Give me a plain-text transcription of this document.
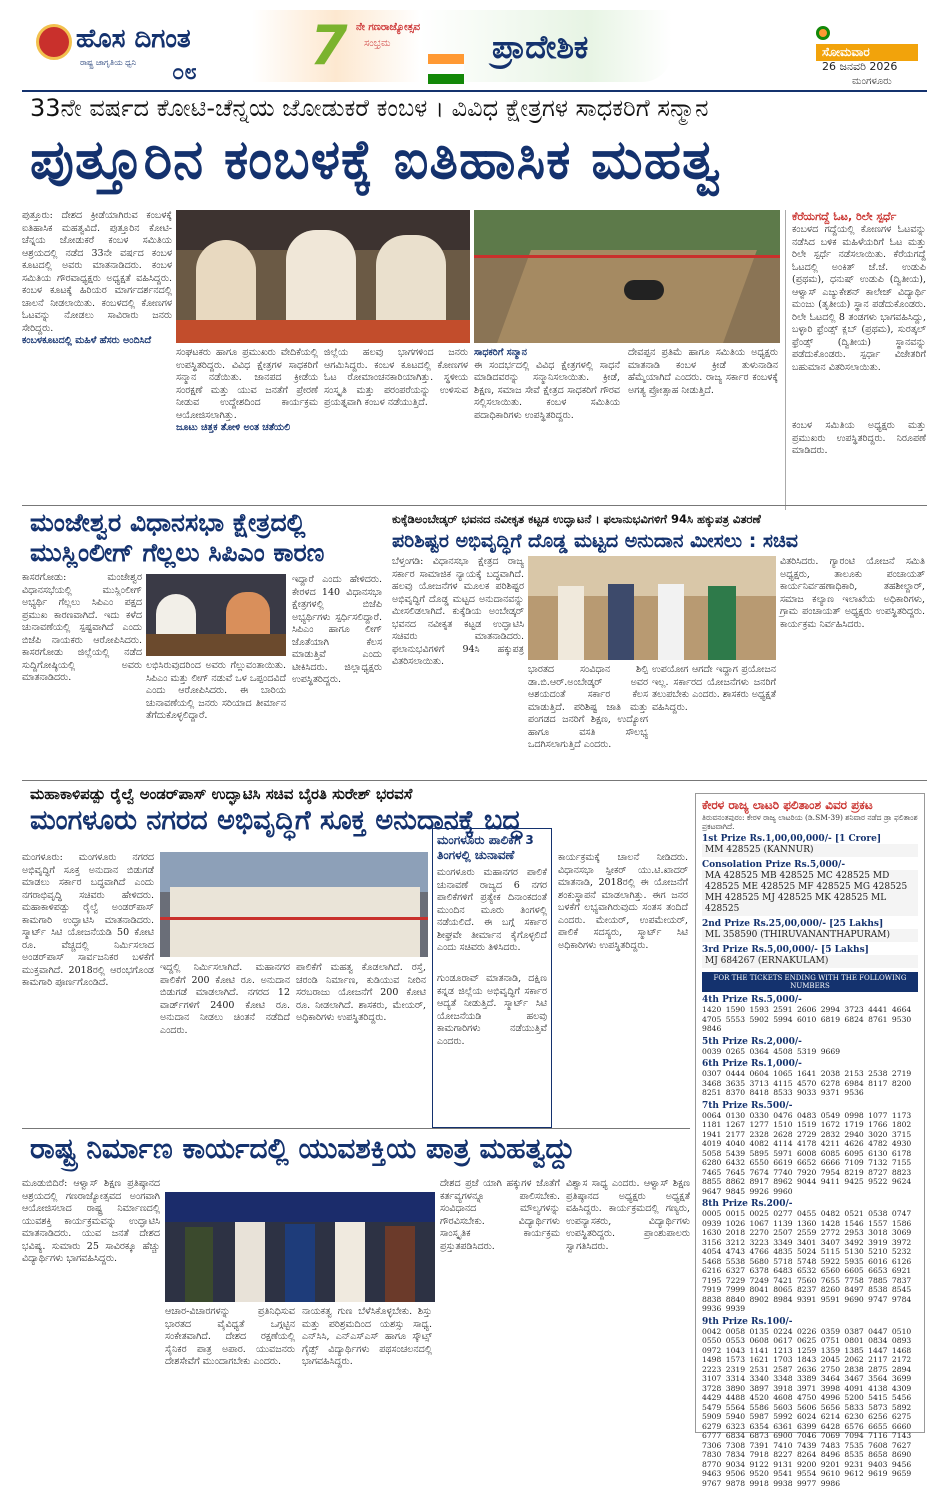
ಹೊಸ ದಿಗಂತ
ರಾಷ್ಟ್ರ ಜಾಗೃತಿಯ ಧ್ವನಿ ೦೮ 7 ನೇ ಗಣರಾಜ್ಯೋತ್ಸವ
ಸಂಭ್ರಮ	ಪ್ರಾದೇಶಿಕ	ಸೋಮವಾರ
26 ಜನವರಿ 2026
ಮಂಗಳೂರು
33ನೇ ವರ್ಷದ ಕೋಟಿ-ಚೆನ್ನಯ ಜೋಡುಕರೆ ಕಂಬಳ । ವಿವಿಧ ಕ್ಷೇತ್ರಗಳ ಸಾಧಕರಿಗೆ ಸನ್ಮಾನ
ಪುತ್ತೂರಿನ ಕಂಬಳಕ್ಕೆ ಐತಿಹಾಸಿಕ ಮಹತ್ವ
ಪುತ್ತೂರು: ದೇಶದ ಕ್ರೀಡೆಯಾಗಿರುವ ಕಂಬಳಕ್ಕೆ ಐತಿಹಾಸಿಕ ಮಹತ್ವವಿದೆ. ಪುತ್ತೂರಿನ ಕೋಟಿ-ಚೆನ್ನಯ ಜೋಡುಕರೆ ಕಂಬಳ ಸಮಿತಿಯ ಆಶ್ರಯದಲ್ಲಿ ನಡೆದ 33ನೇ ವರ್ಷದ ಕಂಬಳ ಕೂಟದಲ್ಲಿ ಅವರು ಮಾತನಾಡಿದರು. ಕಂಬಳ ಸಮಿತಿಯ ಗೌರವಾಧ್ಯಕ್ಷರು ಅಧ್ಯಕ್ಷತೆ ವಹಿಸಿದ್ದರು. ಕಂಬಳ ಕೂಟಕ್ಕೆ ಹಿರಿಯರ ಮಾರ್ಗದರ್ಶನದಲ್ಲಿ ಚಾಲನೆ ನೀಡಲಾಯಿತು. ಕಂಬಳದಲ್ಲಿ ಕೋಣಗಳ ಓಟವನ್ನು ನೋಡಲು ಸಾವಿರಾರು ಜನರು ಸೇರಿದ್ದರು.
ಕಂಬಳಕೂಟದಲ್ಲಿ ಮಹಿಳೆ ಹೆಸರು ಅಂದಿಸಿದೆ
ಸಂಘಟಕರು ಹಾಗೂ ಪ್ರಮುಖರು ವೇದಿಕೆಯಲ್ಲಿ ಉಪಸ್ಥಿತರಿದ್ದರು. ವಿವಿಧ ಕ್ಷೇತ್ರಗಳ ಸಾಧಕರಿಗೆ ಸನ್ಮಾನ ನಡೆಯಿತು. ಜಾನಪದ ಕ್ರೀಡೆಯ ಸಂರಕ್ಷಣೆ ಮತ್ತು ಯುವ ಜನತೆಗೆ ಪ್ರೇರಣೆ ನೀಡುವ ಉದ್ದೇಶದಿಂದ ಕಾರ್ಯಕ್ರಮ ಆಯೋಜಿಸಲಾಗಿತ್ತು.
ಜೂಟು ಚಿತ್ತಕ ತೋಳಿ ಅಂತ ಚತೆಯಲಿ
ಜಿಲ್ಲೆಯ ಹಲವು ಭಾಗಗಳಿಂದ ಜನರು ಆಗಮಿಸಿದ್ದರು. ಕಂಬಳ ಕೂಟದಲ್ಲಿ ಕೋಣಗಳ ಓಟ ರೋಮಾಂಚನಕಾರಿಯಾಗಿತ್ತು. ಸ್ಥಳೀಯ ಸಂಸ್ಕೃತಿ ಮತ್ತು ಪರಂಪರೆಯನ್ನು ಉಳಿಸುವ ಪ್ರಯತ್ನವಾಗಿ ಕಂಬಳ ನಡೆಯುತ್ತಿದೆ.
ಸಾಧಕರಿಗೆ ಸನ್ಮಾನ
ಈ ಸಂದರ್ಭದಲ್ಲಿ ವಿವಿಧ ಕ್ಷೇತ್ರಗಳಲ್ಲಿ ಸಾಧನೆ ಮಾಡಿದವರನ್ನು ಸನ್ಮಾನಿಸಲಾಯಿತು. ಕ್ರೀಡೆ, ಶಿಕ್ಷಣ, ಸಮಾಜ ಸೇವೆ ಕ್ಷೇತ್ರದ ಸಾಧಕರಿಗೆ ಗೌರವ ಸಲ್ಲಿಸಲಾಯಿತು. ಕಂಬಳ ಸಮಿತಿಯ ಪದಾಧಿಕಾರಿಗಳು ಉಪಸ್ಥಿತರಿದ್ದರು.
ದೇವಪ್ಪನ ಪ್ರತಿಮೆ ಹಾಗೂ ಸಮಿತಿಯ ಅಧ್ಯಕ್ಷರು ಮಾತನಾಡಿ ಕಂಬಳ ಕ್ರೀಡೆ ತುಳುನಾಡಿನ ಹೆಮ್ಮೆಯಾಗಿದೆ ಎಂದರು. ರಾಜ್ಯ ಸರ್ಕಾರ ಕಂಬಳಕ್ಕೆ ಅಗತ್ಯ ಪ್ರೋತ್ಸಾಹ ನೀಡುತ್ತಿದೆ.
ಕೆರೆಯಗದ್ದೆ ಓಟ, ರಿಲೇ ಸ್ಪರ್ಧೆ
ಕಂಬಳದ ಗದ್ದೆಯಲ್ಲಿ ಕೋಣಗಳ ಓಟವನ್ನು ನಡೆಸಿದ ಬಳಿಕ ಮಹಿಳೆಯರಿಗೆ ಓಟ ಮತ್ತು ರಿಲೇ ಸ್ಪರ್ಧೆ ನಡೆಸಲಾಯಿತು. ಕೆರೆಯಗದ್ದೆ ಓಟದಲ್ಲಿ ಅಂಕಿತ್ ಜೆ.ಜೆ. ಉಡುಪಿ (ಪ್ರಥಮ), ಧನುಷ್ ಉಡುಪಿ (ದ್ವಿತೀಯ), ಆಳ್ವಾಸ್ ಎಜ್ಯುಕೇಶನ್ ಕಾಲೇಜ್ ವಿದ್ಯಾರ್ಥಿ ಮಂಜು (ತೃತೀಯ) ಸ್ಥಾನ ಪಡೆದುಕೊಂಡರು. ರಿಲೇ ಓಟದಲ್ಲಿ 8 ತಂಡಗಳು ಭಾಗವಹಿಸಿದ್ದು, ಬಳ್ಳಾರಿ ಫ್ರೆಂಡ್ಸ್ ಕ್ಲಬ್ (ಪ್ರಥಮ), ಸುರತ್ಕಲ್ ಫ್ರೆಂಡ್ಸ್ (ದ್ವಿತೀಯ) ಸ್ಥಾನವನ್ನು ಪಡೆದುಕೊಂಡರು. ಸ್ಪರ್ಧಾ ವಿಜೇತರಿಗೆ ಬಹುಮಾನ ವಿತರಿಸಲಾಯಿತು.
ಕಂಬಳ ಸಮಿತಿಯ ಅಧ್ಯಕ್ಷರು ಮತ್ತು ಪ್ರಮುಖರು ಉಪಸ್ಥಿತರಿದ್ದರು. ನಿರೂಪಣೆ ಮಾಡಿದರು.
ಮಂಜೇಶ್ವರ ವಿಧಾನಸಭಾ ಕ್ಷೇತ್ರದಲ್ಲಿ
ಮುಸ್ಲಿಂಲೀಗ್ ಗೆಲ್ಲಲು ಸಿಪಿಎಂ ಕಾರಣ
ಕಾಸರಗೋಡು: ಮಂಜೇಶ್ವರ ವಿಧಾನಸಭೆಯಲ್ಲಿ ಮುಸ್ಲಿಂಲೀಗ್ ಅಭ್ಯರ್ಥಿ ಗೆಲ್ಲಲು ಸಿಪಿಎಂ ಪಕ್ಷದ ಪ್ರಮುಖ ಕಾರಣವಾಗಿದೆ. ಇದು ಕಳೆದ ಚುನಾವಣೆಯಲ್ಲಿ ಸ್ಪಷ್ಟವಾಗಿದೆ ಎಂದು ಬಿಜೆಪಿ ನಾಯಕರು ಆರೋಪಿಸಿದರು. ಕಾಸರಗೋಡು ಜಿಲ್ಲೆಯಲ್ಲಿ ನಡೆದ ಸುದ್ದಿಗೋಷ್ಠಿಯಲ್ಲಿ ಅವರು ಮಾತನಾಡಿದರು.
ಲಭಿಸಿರುವುದರಿಂದ ಅವರು ಗೆಲ್ಲುವಂತಾಯಿತು. ಸಿಪಿಎಂ ಮತ್ತು ಲೀಗ್ ನಡುವೆ ಒಳ ಒಪ್ಪಂದವಿದೆ ಎಂದು ಆರೋಪಿಸಿದರು. ಈ ಬಾರಿಯ ಚುನಾವಣೆಯಲ್ಲಿ ಜನರು ಸರಿಯಾದ ತೀರ್ಮಾನ ತೆಗೆದುಕೊಳ್ಳಲಿದ್ದಾರೆ.
ಇದ್ದಾರೆ ಎಂದು ಹೇಳಿದರು. ಕೇರಳದ 140 ವಿಧಾನಸಭಾ ಕ್ಷೇತ್ರಗಳಲ್ಲಿ ಬಿಜೆಪಿ ಅಭ್ಯರ್ಥಿಗಳು ಸ್ಪರ್ಧಿಸಲಿದ್ದಾರೆ. ಸಿಪಿಎಂ ಹಾಗೂ ಲೀಗ್ ಜೊತೆಯಾಗಿ ಕೆಲಸ ಮಾಡುತ್ತಿವೆ ಎಂದು ಟೀಕಿಸಿದರು. ಜಿಲ್ಲಾಧ್ಯಕ್ಷರು ಉಪಸ್ಥಿತರಿದ್ದರು.
ಕುಕ್ಕೆಡಿಅಂಬೇಡ್ಕರ್ ಭವನದ ನವೀಕೃತ ಕಟ್ಟಡ ಉದ್ಘಾಟನೆ । ಫಲಾನುಭವಿಗಳಿಗೆ 94ಸಿ ಹಕ್ಕುಪತ್ರ ವಿತರಣೆ
ಪರಿಶಿಷ್ಟರ ಅಭಿವೃದ್ಧಿಗೆ ದೊಡ್ಡ ಮಟ್ಟದ ಅನುದಾನ ಮೀಸಲು : ಸಚಿವ
ಬೆಳ್ತಂಗಡಿ: ವಿಧಾನಸಭಾ ಕ್ಷೇತ್ರದ ರಾಜ್ಯ ಸರ್ಕಾರ ಸಾಮಾಜಿಕ ನ್ಯಾಯಕ್ಕೆ ಬದ್ಧವಾಗಿದೆ. ಹಲವು ಯೋಜನೆಗಳ ಮೂಲಕ ಪರಿಶಿಷ್ಟರ ಅಭಿವೃದ್ಧಿಗೆ ದೊಡ್ಡ ಮಟ್ಟದ ಅನುದಾನವನ್ನು ಮೀಸಲಿಡಲಾಗಿದೆ. ಕುಕ್ಕೆಡಿಯ ಅಂಬೇಡ್ಕರ್ ಭವನದ ನವೀಕೃತ ಕಟ್ಟಡ ಉದ್ಘಾಟಿಸಿ ಸಚಿವರು ಮಾತನಾಡಿದರು. ಫಲಾನುಭವಿಗಳಿಗೆ 94ಸಿ ಹಕ್ಕುಪತ್ರ ವಿತರಿಸಲಾಯಿತು.
ಭಾರತದ ಸಂವಿಧಾನ ಶಿಲ್ಪಿ ಡಾ.ಬಿ.ಆರ್.ಅಂಬೇಡ್ಕರ್ ಅವರ ಆಶಯದಂತೆ ಸರ್ಕಾರ ಕೆಲಸ ಮಾಡುತ್ತಿದೆ. ಪರಿಶಿಷ್ಟ ಜಾತಿ ಮತ್ತು ಪಂಗಡದ ಜನರಿಗೆ ಶಿಕ್ಷಣ, ಉದ್ಯೋಗ ಹಾಗೂ ವಸತಿ ಸೌಲಭ್ಯ ಒದಗಿಸಲಾಗುತ್ತಿದೆ ಎಂದರು.
ಉಪಯೋಗ ಆಗದೇ ಇದ್ದಾಗ ಪ್ರಯೋಜನ ಇಲ್ಲ. ಸರ್ಕಾರದ ಯೋಜನೆಗಳು ಜನರಿಗೆ ತಲುಪಬೇಕು ಎಂದರು. ಶಾಸಕರು ಅಧ್ಯಕ್ಷತೆ ವಹಿಸಿದ್ದರು.
ವಿತರಿಸಿದರು. ಗ್ಯಾರಂಟಿ ಯೋಜನೆ ಸಮಿತಿ ಅಧ್ಯಕ್ಷರು, ತಾಲೂಕು ಪಂಚಾಯತ್ ಕಾರ್ಯನಿರ್ವಹಣಾಧಿಕಾರಿ, ತಹಶೀಲ್ದಾರ್, ಸಮಾಜ ಕಲ್ಯಾಣ ಇಲಾಖೆಯ ಅಧಿಕಾರಿಗಳು, ಗ್ರಾಮ ಪಂಚಾಯತ್ ಅಧ್ಯಕ್ಷರು ಉಪಸ್ಥಿತರಿದ್ದರು. ಕಾರ್ಯಕ್ರಮ ನಿರ್ವಹಿಸಿದರು.
ಮಹಾಕಾಳಿಪಡ್ಪು ರೈಲ್ವೆ ಅಂಡರ್‌ಪಾಸ್ ಉದ್ಘಾಟಿಸಿ ಸಚಿವ ಬೈರತಿ ಸುರೇಶ್ ಭರವಸೆ
ಮಂಗಳೂರು ನಗರದ ಅಭಿವೃದ್ಧಿಗೆ ಸೂಕ್ತ ಅನುದಾನಕ್ಕೆ ಬದ್ಧ
ಮಂಗಳೂರು: ಮಂಗಳೂರು ನಗರದ ಅಭಿವೃದ್ಧಿಗೆ ಸೂಕ್ತ ಅನುದಾನ ಬಿಡುಗಡೆ ಮಾಡಲು ಸರ್ಕಾರ ಬದ್ಧವಾಗಿದೆ ಎಂದು ನಗರಾಭಿವೃದ್ಧಿ ಸಚಿವರು ಹೇಳಿದರು. ಮಹಾಕಾಳಿಪಡ್ಪು ರೈಲ್ವೆ ಅಂಡರ್‌ಪಾಸ್ ಕಾಮಗಾರಿ ಉದ್ಘಾಟಿಸಿ ಮಾತನಾಡಿದರು. ಸ್ಮಾರ್ಟ್ ಸಿಟಿ ಯೋಜನೆಯಡಿ 50 ಕೋಟಿ ರೂ. ವೆಚ್ಚದಲ್ಲಿ ನಿರ್ಮಿಸಲಾದ ಅಂಡರ್‌ಪಾಸ್ ಸಾರ್ವಜನಿಕರ ಬಳಕೆಗೆ ಮುಕ್ತವಾಗಿದೆ. 2018ರಲ್ಲಿ ಆರಂಭಗೊಂಡ ಕಾಮಗಾರಿ ಪೂರ್ಣಗೊಂಡಿದೆ.
ಇದ್ದಲ್ಲಿ ನಿರ್ಮಿಸಲಾಗಿದೆ. ಮಹಾನಗರ ಪಾಲಿಕೆಗೆ 200 ಕೋಟಿ ರೂ. ಅನುದಾನ ಬಿಡುಗಡೆ ಮಾಡಲಾಗಿದೆ. ನಗರದ 12 ವಾರ್ಡ್‌ಗಳಿಗೆ 2400 ಕೋಟಿ ರೂ. ಅನುದಾನ ನೀಡಲು ಚಿಂತನೆ ನಡೆದಿದೆ ಎಂದರು.
ಪಾಲಿಕೆಗೆ ಮಹತ್ವ ಕೊಡಲಾಗಿದೆ. ರಸ್ತೆ, ಚರಂಡಿ ನಿರ್ಮಾಣ, ಕುಡಿಯುವ ನೀರಿನ ಸರಬರಾಜು ಯೋಜನೆಗೆ 200 ಕೋಟಿ ರೂ. ನೀಡಲಾಗಿದೆ. ಶಾಸಕರು, ಮೇಯರ್, ಅಧಿಕಾರಿಗಳು ಉಪಸ್ಥಿತರಿದ್ದರು.
ಮಂಗಳೂರು ಪಾಲಿಕೆಗೆ 3 ತಿಂಗಳಲ್ಲಿ ಚುನಾವಣೆ
ಮಂಗಳೂರು ಮಹಾನಗರ ಪಾಲಿಕೆ ಚುನಾವಣೆ ರಾಜ್ಯದ 6 ನಗರ ಪಾಲಿಕೆಗಳಿಗೆ ಪ್ರತ್ಯೇಕ ದಿನಾಂಕದಂತೆ ಮುಂದಿನ ಮೂರು ತಿಂಗಳಲ್ಲಿ ನಡೆಯಲಿದೆ. ಈ ಬಗ್ಗೆ ಸರ್ಕಾರ ಶೀಘ್ರವೇ ತೀರ್ಮಾನ ಕೈಗೊಳ್ಳಲಿದೆ ಎಂದು ಸಚಿವರು ತಿಳಿಸಿದರು.
ಗುಂಡೂರಾವ್ ಮಾತನಾಡಿ, ದಕ್ಷಿಣ ಕನ್ನಡ ಜಿಲ್ಲೆಯ ಅಭಿವೃದ್ಧಿಗೆ ಸರ್ಕಾರ ಆದ್ಯತೆ ನೀಡುತ್ತಿದೆ. ಸ್ಮಾರ್ಟ್ ಸಿಟಿ ಯೋಜನೆಯಡಿ ಹಲವು ಕಾಮಗಾರಿಗಳು ನಡೆಯುತ್ತಿವೆ ಎಂದರು.
ಕಾರ್ಯಕ್ರಮಕ್ಕೆ ಚಾಲನೆ ನೀಡಿದರು. ವಿಧಾನಸಭಾ ಸ್ಪೀಕರ್ ಯು.ಟಿ.ಖಾದರ್ ಮಾತನಾಡಿ, 2018ರಲ್ಲಿ ಈ ಯೋಜನೆಗೆ ಶಂಕುಸ್ಥಾಪನೆ ಮಾಡಲಾಗಿತ್ತು. ಈಗ ಜನರ ಬಳಕೆಗೆ ಲಭ್ಯವಾಗಿರುವುದು ಸಂತಸ ತಂದಿದೆ ಎಂದರು. ಮೇಯರ್, ಉಪಮೇಯರ್, ಪಾಲಿಕೆ ಸದಸ್ಯರು, ಸ್ಮಾರ್ಟ್ ಸಿಟಿ ಅಧಿಕಾರಿಗಳು ಉಪಸ್ಥಿತರಿದ್ದರು.
ಕೇರಳ ರಾಜ್ಯ ಲಾಟರಿ ಫಲಿತಾಂಶ ವಿವರ ಪ್ರಕಟ
ತಿರುವನಂತಪುರಂ: ಕೇರಳ ರಾಜ್ಯ ಲಾಟರಿಯ (ಡಿ.SM-39) ಶನಿವಾರ ನಡೆದ ಡ್ರಾ ಫಲಿತಾಂಶ ಪ್ರಕಟವಾಗಿದೆ.
1st Prize Rs.1,00,00,000/- [1 Crore]
MM 428525 (KANNUR)
Consolation Prize Rs.5,000/-
MA 428525 MB 428525 MC 428525 MD 428525 ME 428525 MF 428525 MG 428525 MH 428525 MJ 428525 MK 428525 ML 428525
2nd Prize Rs.25,00,000/- [25 Lakhs]
ML 358590 (THIRUVANANTHAPURAM)
3rd Prize Rs.5,00,000/- [5 Lakhs]
MJ 684267 (ERNAKULAM)
FOR THE TICKETS ENDING WITH THE FOLLOWING NUMBERS
4th Prize Rs.5,000/-
1420 1590 1593 2591 2606 2994 3723 4441 4664 4705 5553 5902 5994 6010 6819 6824 8761 9530 9846
5th Prize Rs.2,000/-
0039 0265 0364 4508 5319 9669
6th Prize Rs.1,000/-
0307 0444 0604 1065 1641 2038 2153 2538 2719 3468 3635 3713 4115 4570 6278 6984 8117 8200 8251 8370 8418 8533 9033 9371 9536
7th Prize Rs.500/-
0064 0130 0330 0476 0483 0549 0998 1077 1173 1181 1267 1277 1510 1519 1672 1719 1766 1802 1941 2177 2328 2628 2729 2832 2940 3020 3715 4019 4040 4082 4114 4178 4211 4626 4782 4930 5058 5439 5895 5971 6008 6085 6095 6130 6178 6280 6432 6550 6619 6652 6666 7109 7132 7155 7465 7645 7674 7740 7920 7954 8219 8727 8823 8855 8862 8917 8962 9044 9411 9425 9522 9624 9647 9845 9926 9960
8th Prize Rs.200/-
0005 0015 0025 0277 0455 0482 0521 0538 0747 0939 1026 1067 1139 1360 1428 1546 1557 1586 1630 2018 2270 2507 2559 2772 2953 3018 3069 3156 3212 3223 3349 3401 3407 3492 3919 3972 4054 4743 4766 4835 5024 5115 5130 5210 5232 5468 5538 5680 5718 5748 5922 5935 6016 6126 6216 6327 6378 6483 6532 6560 6605 6653 6921 7195 7229 7249 7421 7560 7655 7758 7885 7837 7919 7999 8041 8065 8237 8260 8497 8538 8545 8838 8840 8902 8984 9391 9591 9690 9747 9784 9936 9939
9th Prize Rs.100/-
0042 0058 0135 0224 0226 0359 0387 0447 0510 0550 0553 0608 0617 0625 0751 0801 0834 0893 0972 1043 1141 1213 1259 1359 1385 1447 1468 1498 1573 1621 1703 1843 2045 2062 2117 2172 2223 2319 2531 2587 2636 2750 2838 2875 2894 3107 3314 3340 3348 3389 3464 3467 3564 3699 3728 3890 3897 3918 3971 3998 4091 4138 4309 4429 4488 4520 4608 4750 4996 5200 5415 5456 5479 5564 5586 5603 5606 5656 5833 5873 5892 5909 5940 5987 5992 6024 6214 6230 6256 6275 6279 6323 6354 6361 6399 6428 6576 6655 6660 6777 6834 6873 6900 7046 7069 7094 7116 7143 7306 7308 7391 7410 7439 7483 7535 7608 7627 7830 7834 7918 8227 8264 8496 8535 8658 8690 8770 9034 9122 9131 9200 9201 9231 9403 9456 9463 9506 9520 9541 9554 9610 9612 9619 9659 9767 9878 9918 9938 9977 9986
ರಾಷ್ಟ್ರ ನಿರ್ಮಾಣ ಕಾರ್ಯದಲ್ಲಿ ಯುವಶಕ್ತಿಯ ಪಾತ್ರ ಮಹತ್ವದ್ದು
ಮೂಡುಬಿದಿರೆ: ಆಳ್ವಾಸ್ ಶಿಕ್ಷಣ ಪ್ರತಿಷ್ಠಾನದ ಆಶ್ರಯದಲ್ಲಿ ಗಣರಾಜ್ಯೋತ್ಸವದ ಅಂಗವಾಗಿ ಆಯೋಜಿಸಲಾದ ರಾಷ್ಟ್ರ ನಿರ್ಮಾಣದಲ್ಲಿ ಯುವಶಕ್ತಿ ಕಾರ್ಯಕ್ರಮವನ್ನು ಉದ್ಘಾಟಿಸಿ ಮಾತನಾಡಿದರು. ಯುವ ಜನತೆ ದೇಶದ ಭವಿಷ್ಯ. ಸುಮಾರು 25 ಸಾವಿರಕ್ಕೂ ಹೆಚ್ಚು ವಿದ್ಯಾರ್ಥಿಗಳು ಭಾಗವಹಿಸಿದ್ದರು.
ಆಚಾರ-ವಿಚಾರಗಳನ್ನು ಪ್ರತಿನಿಧಿಸುವ ಭಾರತದ ವೈವಿಧ್ಯತೆ ಒಗ್ಗಟ್ಟಿನ ಸಂಕೇತವಾಗಿದೆ. ದೇಶದ ರಕ್ಷಣೆಯಲ್ಲಿ ಸೈನಿಕರ ಪಾತ್ರ ಅಪಾರ. ಯುವಜನರು ದೇಶಸೇವೆಗೆ ಮುಂದಾಗಬೇಕು ಎಂದರು.
ನಾಯಕತ್ವ ಗುಣ ಬೆಳೆಸಿಕೊಳ್ಳಬೇಕು. ಶಿಸ್ತು ಮತ್ತು ಪರಿಶ್ರಮದಿಂದ ಯಶಸ್ಸು ಸಾಧ್ಯ. ಎನ್‌ಸಿಸಿ, ಎನ್‌ಎಸ್‌ಎಸ್ ಹಾಗೂ ಸ್ಕೌಟ್ಸ್ ಗೈಡ್ಸ್ ವಿದ್ಯಾರ್ಥಿಗಳು ಪಥಸಂಚಲನದಲ್ಲಿ ಭಾಗವಹಿಸಿದ್ದರು.
ದೇಶದ ಪ್ರಜೆ ಯಾಗಿ ಹಕ್ಕುಗಳ ಜೊತೆಗೆ ಕರ್ತವ್ಯಗಳನ್ನೂ ಪಾಲಿಸಬೇಕು. ಸಂವಿಧಾನದ ಮೌಲ್ಯಗಳನ್ನು ಗೌರವಿಸಬೇಕು. ವಿದ್ಯಾರ್ಥಿಗಳು ಸಾಂಸ್ಕೃತಿಕ ಕಾರ್ಯಕ್ರಮ ಪ್ರಸ್ತುತಪಡಿಸಿದರು.
ವಿಶ್ವಾಸ ಸಾಧ್ಯ ಎಂದರು. ಆಳ್ವಾಸ್ ಶಿಕ್ಷಣ ಪ್ರತಿಷ್ಠಾನದ ಅಧ್ಯಕ್ಷರು ಅಧ್ಯಕ್ಷತೆ ವಹಿಸಿದ್ದರು. ಕಾರ್ಯಕ್ರಮದಲ್ಲಿ ಗಣ್ಯರು, ಉಪನ್ಯಾಸಕರು, ವಿದ್ಯಾರ್ಥಿಗಳು ಉಪಸ್ಥಿತರಿದ್ದರು. ಪ್ರಾಂಶುಪಾಲರು ಸ್ವಾಗತಿಸಿದರು.
